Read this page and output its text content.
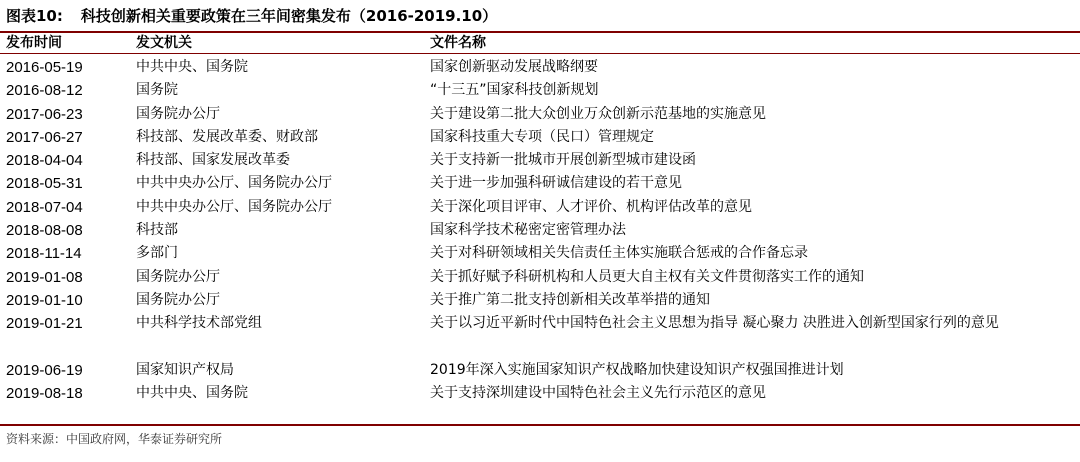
图表10: 科技创新相关重要政策在三年间密集发布（2016-2019.10）
发布时间	发文机关	文件名称
2016-05-19	中共中央、国务院	国家创新驱动发展战略纲要
2016-08-12	国务院	“十三五”国家科技创新规划
2017-06-23	国务院办公厅	关于建设第二批大众创业万众创新示范基地的实施意见
2017-06-27	科技部、发展改革委、财政部	国家科技重大专项（民口）管理规定
2018-04-04	科技部、国家发展改革委	关于支持新一批城市开展创新型城市建设函
2018-05-31	中共中央办公厅、国务院办公厅	关于进一步加强科研诚信建设的若干意见
2018-07-04	中共中央办公厅、国务院办公厅	关于深化项目评审、人才评价、机构评估改革的意见
2018-08-08	科技部	国家科学技术秘密定密管理办法
2018-11-14	多部门	关于对科研领域相关失信责任主体实施联合惩戒的合作备忘录
2019-01-08	国务院办公厅	关于抓好赋予科研机构和人员更大自主权有关文件贯彻落实工作的通知
2019-01-10	国务院办公厅	关于推广第二批支持创新相关改革举措的通知
2019-01-21	中共科学技术部党组	关于以习近平新时代中国特色社会主义思想为指导 凝心聚力 决胜进入创新型国家行列的意见
2019-06-19	国家知识产权局	2019年深入实施国家知识产权战略加快建设知识产权强国推进计划
2019-08-18	中共中央、国务院	关于支持深圳建设中国特色社会主义先行示范区的意见
资料来源：中国政府网，华泰证券研究所
